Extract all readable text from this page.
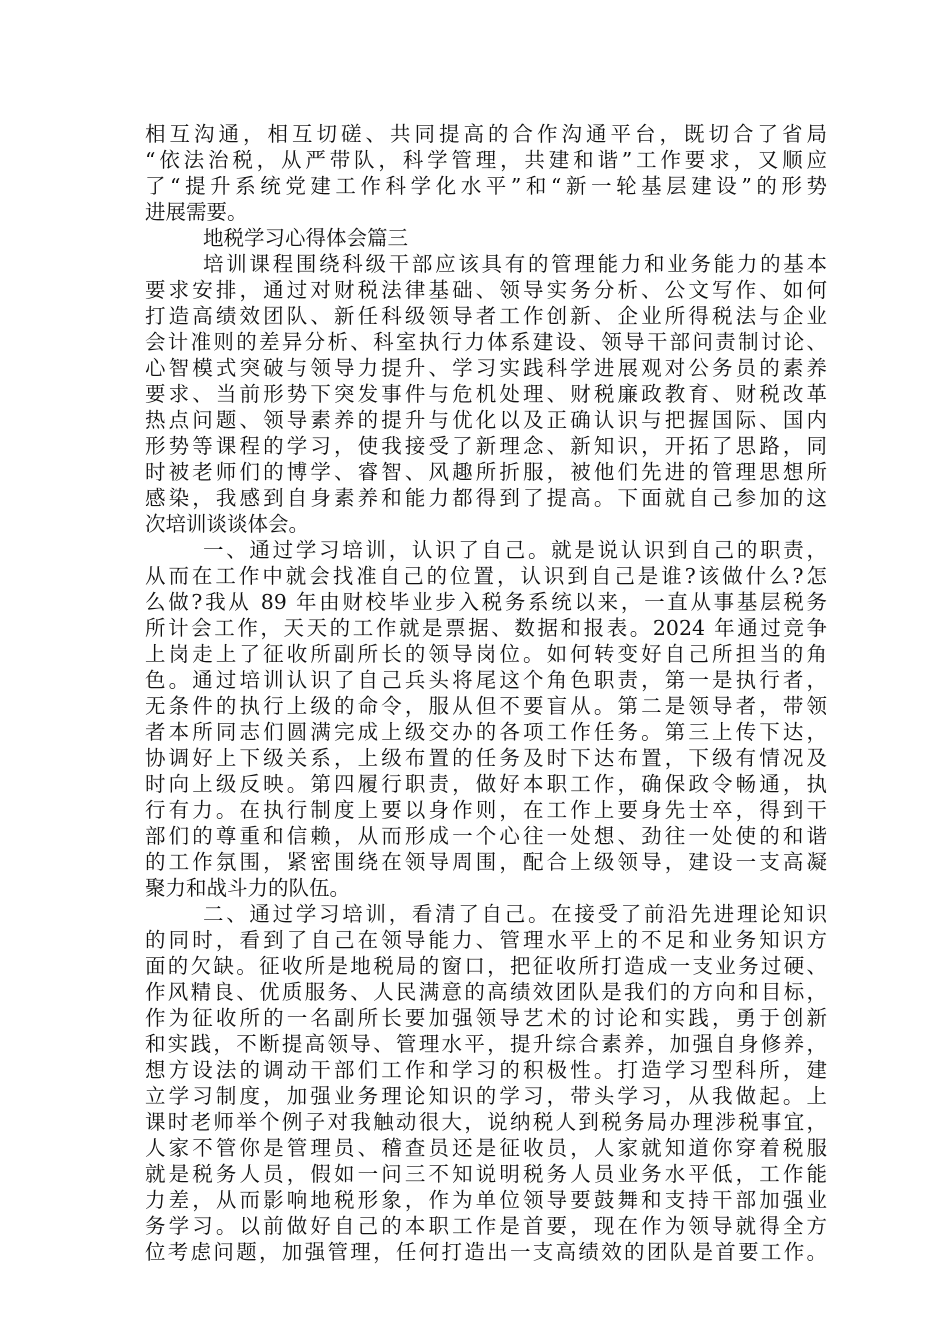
相互沟通，相互切磋、共同提高的合作沟通平台，既切合了省局
“依法治税，从严带队，科学管理，共建和谐”工作要求，又顺应
了“提升系统党建工作科学化水平”和“新一轮基层建设”的形势
进展需要。
地税学习心得体会篇三
培训课程围绕科级干部应该具有的管理能力和业务能力的基本
要求安排，通过对财税法律基础、领导实务分析、公文写作、如何
打造高绩效团队、新任科级领导者工作创新、企业所得税法与企业
会计准则的差异分析、科室执行力体系建设、领导干部问责制讨论、
心智模式突破与领导力提升、学习实践科学进展观对公务员的素养
要求、当前形势下突发事件与危机处理、财税廉政教育、财税改革
热点问题、领导素养的提升与优化以及正确认识与把握国际、国内
形势等课程的学习，使我接受了新理念、新知识，开拓了思路，同
时被老师们的博学、睿智、风趣所折服，被他们先进的管理思想所
感染，我感到自身素养和能力都得到了提高。下面就自己参加的这
次培训谈谈体会。
一、通过学习培训，认识了自己。就是说认识到自己的职责，
从而在工作中就会找准自己的位置，认识到自己是谁?该做什么?怎
么做?我从 89 年由财校毕业步入税务系统以来，一直从事基层税务
所计会工作，天天的工作就是票据、数据和报表。2024 年通过竞争
上岗走上了征收所副所长的领导岗位。如何转变好自己所担当的角
色。通过培训认识了自己兵头将尾这个角色职责，第一是执行者，
无条件的执行上级的命令，服从但不要盲从。第二是领导者，带领
者本所同志们圆满完成上级交办的各项工作任务。第三上传下达，
协调好上下级关系，上级布置的任务及时下达布置，下级有情况及
时向上级反映。第四履行职责，做好本职工作，确保政令畅通，执
行有力。在执行制度上要以身作则，在工作上要身先士卒，得到干
部们的尊重和信赖，从而形成一个心往一处想、劲往一处使的和谐
的工作氛围，紧密围绕在领导周围，配合上级领导，建设一支高凝
聚力和战斗力的队伍。
二、通过学习培训，看清了自己。在接受了前沿先进理论知识
的同时，看到了自己在领导能力、管理水平上的不足和业务知识方
面的欠缺。征收所是地税局的窗口，把征收所打造成一支业务过硬、
作风精良、优质服务、人民满意的高绩效团队是我们的方向和目标，
作为征收所的一名副所长要加强领导艺术的讨论和实践，勇于创新
和实践，不断提高领导、管理水平，提升综合素养，加强自身修养，
想方设法的调动干部们工作和学习的积极性。打造学习型科所，建
立学习制度，加强业务理论知识的学习，带头学习，从我做起。上
课时老师举个例子对我触动很大，说纳税人到税务局办理涉税事宜，
人家不管你是管理员、稽查员还是征收员，人家就知道你穿着税服
就是税务人员，假如一问三不知说明税务人员业务水平低，工作能
力差，从而影响地税形象，作为单位领导要鼓舞和支持干部加强业
务学习。以前做好自己的本职工作是首要，现在作为领导就得全方
位考虑问题，加强管理，任何打造出一支高绩效的团队是首要工作。
